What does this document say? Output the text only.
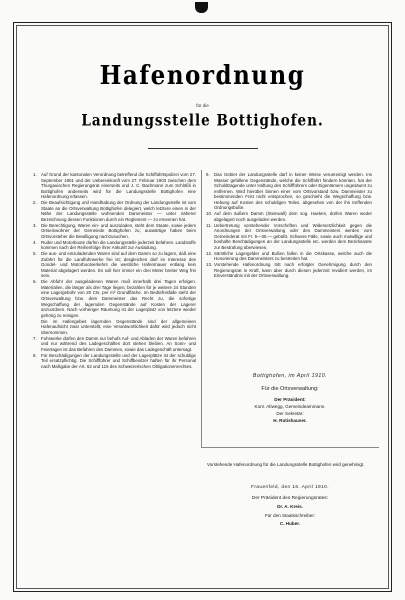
Hafenordnung
für die
Landungsstelle Bottighofen.
1. Auf Grund der kantonalen Verordnung betreffend die Schiffahrtspolizei vom 27. September 1901 und der Uebereinkunft vom 27. Februar 1903 zwischen dem Thurgauischen Regierungsrat einerseits und J. C. Bachmann zum Schlößli in Bottighofen anderseits wird für die Landungsstelle Bottighofen eine Hafenordnung erlassen.
2. Die Beaufsichtigung und Handhabung der Ordnung der Landungsstelle ist vom Staate an die Ortsverwaltung Bottighofen delegiert, welch letztere einen in der Nähe der Landungsstelle wohnenden Dammeister — unter näherer Bezeichnung dessen Funktionen durch ein Reglement — zu ernennen hat.
3. Die Berechtigung, Waren ein- und auszuladen, steht dem Staate, sowie jedem Ortseinwohner der Gemeinde Bottighofen zu; auswärtige haben beim Ortsvorsteher die Bewilligung nachzusuchen.
4. Ruder und Motorboote dürfen die Landungsstelle jederzeit befahren. Landstoffe kommen nach der Reihenfolge ihrer Ankunft zur Ausladung.
5. Die aus- und einzuladenden Waren sind auf dem Damm so zu lagern, daß eine Zufahrt für die Landfuhrwerke frei ist; desgleichen darf im Interesse des Gondel- und Motorbootverkehrs die westliche Hafenmauer entlang kein Material abgelagert werden. Es soll hier immer ein drei Meter breiter Weg frei sein.
6. Die Abfuhr der ausgeladenen Waren muß innerhalb drei Tagen erfolgen. Materialien, die länger als drei Tage liegen, bezahlen für je weitere 24 Stunden eine Lagergebühr von 20 Cts. per m² Grundfläche. Im Bedürfnisfalle steht der Ortsverwaltung bzw. dem Dammeister das Recht zu, die sofortige Wegschaffung der lagernden Gegenstände auf Kosten der Lagerer anzuordnen. Nach vorheriger Räumung ist der Lagerplatz von letztere wieder gehörig zu reinigen.
Die im Hafengebiet lagernden Gegenstände sind der allgemeinen Hafenaufsicht zwar unterstellt, eine Verantwortlichkeit dafür wird jedoch nicht übernommen.
7. Fuhrwerke dürfen den Damm nur behufs Auf- und Abladen der Waren befahren und nur während des Ladegeschäftes dort stehen bleiben. An Sonn- und Feiertagen ist das Befahren des Dammes, sowie das Ladegeschäft untersagt.
8. Für Beschädigungen der Landungsstelle und der Lagerplätze ist der schuldige Teil ersatzpflichtig. Die Schiffführer und Schiffbesitzer haften für ihr Personal nach Maßgabe der Art. 62 und 115 des Schweizerischen Obligationenrechtes.
9. Das Gebiet der Landungsstelle darf in keiner Weise verunreinigt werden. Ins Wasser gefallene Gegenstände, welche die Schiffahrt hindern könnten, hat der Schuldtragende unter Haftung des Schiffführers oder Eigentümers ungesäumt zu entfernen. Wird hierüber binnen einer vom Ortsvorstand bzw. Dammeister zu bestimmenden Frist nicht entsprochen, so geschieht die Wegschaffung bzw. Hebung auf Kosten des schuldigen Teiles, abgesehen von der ihn treffenden Ordnungsbuße.
10. Auf dem äußern Damm (Steinwall) dem sog. Haeken, dürfen Waren weder abgelagert noch ausgeladen werden.
11. Uebertretung vorstehender Vorschriften und Widersetzlichkeit gegen die Anordnungen der Ortsverwaltung oder des Dammeisters werden vom Gemeinderat mit Fr. 5—30.— gebüßt. Schwere Fälle, sowie auch mutwillige und boshafte Beschädigungen an der Landungsstelle etc. werden dem Bezirksamte zur Bestrafung überwiesen.
12. Sämtliche Lagergelder und Bußen fallen in die Ortskasse, welche auch die Honorierung des Dammeisters zu bestreiten hat.
13. Vorstehende Hafenordnung tritt nach erfolgter Genehmigung durch den Regierungsrat in Kraft, kann aber durch diesen jederzeit revidiert werden, im Einverständnis mit der Ortsverwaltung.
Bottighofen, im April 1910.
Für die Ortsverwaltung:
Der Präsident:
Konr. Altwegg, Gemeindeammann.
Der Sekretär:
H. Rutishauser.
Vorstehende Hafenordnung für die Landungsstelle Bottighofen wird genehmigt.
Frauenfeld, den 16. April 1910.
Der Präsident des Regierungsrates:
Dr. A. Kreis.
Für den Staatsschreiber:
C. Huber.
